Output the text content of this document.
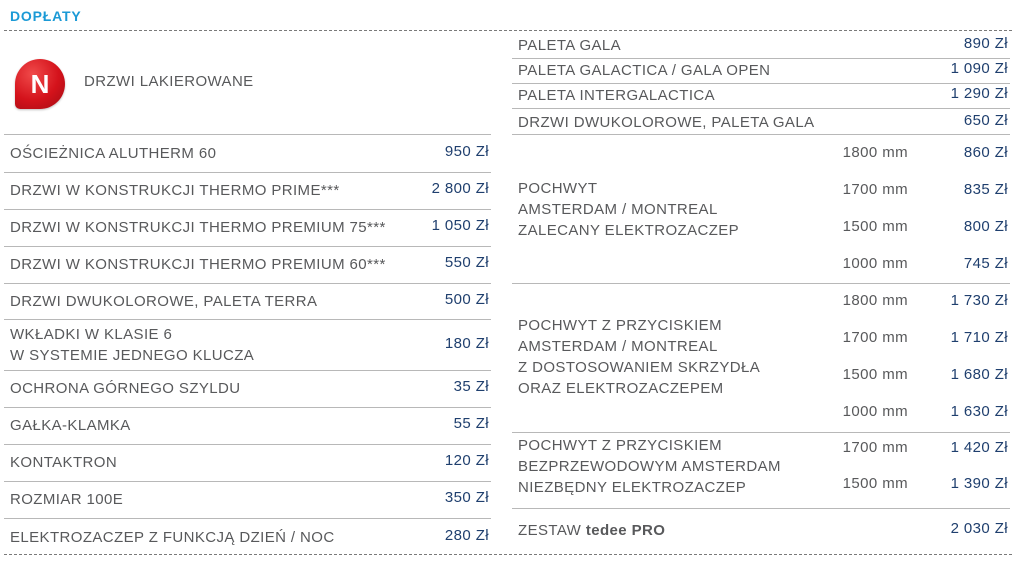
DOPŁATY
N	DRZWI LAKIEROWANE
OŚCIEŻNICA ALUTHERM 60	950 Zł
DRZWI W KONSTRUKCJI THERMO PRIME***	2 800 Zł
DRZWI W KONSTRUKCJI THERMO PREMIUM 75***	1 050 Zł
DRZWI W KONSTRUKCJI THERMO PREMIUM 60***	550 Zł
DRZWI DWUKOLOROWE, PALETA TERRA	500 Zł
WKŁADKI W KLASIE 6
W SYSTEMIE JEDNEGO KLUCZA
180 Zł
OCHRONA GÓRNEGO SZYLDU	35 Zł
GAŁKA-KLAMKA	55 Zł
KONTAKTRON	120 Zł
ROZMIAR 100E	350 Zł
ELEKTROZACZEP Z FUNKCJĄ DZIEŃ / NOC	280 Zł
PALETA GALA	890 Zł
PALETA GALACTICA / GALA OPEN	1 090 Zł
PALETA INTERGALACTICA	1 290 Zł
DRZWI DWUKOLOROWE, PALETA GALA	650 Zł
POCHWYT
AMSTERDAM / MONTREAL
ZALECANY ELEKTROZACZEP
1800 mm	860 Zł
1700 mm	835 Zł
1500 mm	800 Zł
1000 mm	745 Zł
POCHWYT Z PRZYCISKIEM
AMSTERDAM / MONTREAL
Z DOSTOSOWANIEM SKRZYDŁA
ORAZ ELEKTROZACZEPEM
1800 mm	1 730 Zł
1700 mm	1 710 Zł
1500 mm	1 680 Zł
1000 mm	1 630 Zł
POCHWYT Z PRZYCISKIEM
BEZPRZEWODOWYM AMSTERDAM
NIEZBĘDNY ELEKTROZACZEP
1700 mm	1 420 Zł
1500 mm	1 390 Zł
ZESTAW tedee PRO	2 030 Zł
